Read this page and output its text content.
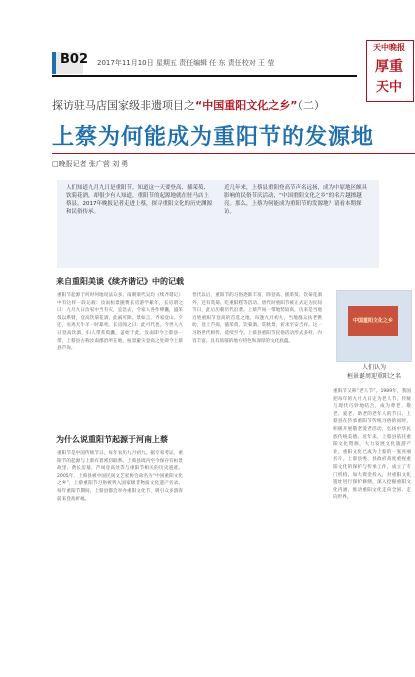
B02 2017年11月10日 星期五 责任编辑 任 东 责任校对 王 莹
天中晚报
厚重
天中
探访驻马店国家级非遗项目之“中国重阳文化之乡”（二）
上蔡为何能成为重阳节的发源地
□晚报记者 张广营 刘 勇
人们知道九月九日是重阳节，知道这一天要登高、插茱萸、饮菊花酒，却很少有人知道，重阳节的起源地就在驻马店上蔡县。2017年晚报记者走进上蔡，探寻重阳文化的历史渊源和民俗传承。
近几年来，上蔡县重阳登高节声名远扬，成为中原地区颇具影响的民俗节庆活动，“中国重阳文化之乡”的名片越擦越亮。那么，上蔡为何能成为重阳节的发源地？请看本期探访。
中国重阳文化之乡
人们认为
桓景诞周迎重阳之名
来自重阳美谈《续齐谐记》中的记载
重阳节起源于何时何地说法众多。南朝梁代吴均《续齐谐记》中有这样一段记载：汝南桓景随费长房游学累年，长房谓之曰：九月九日汝家中当有灾，宜急去，令家人各作绛囊，盛茱萸以系臂，登高饮菊花酒，此祸可除。景如言，齐家登山。夕还，见鸡犬牛羊一时暴死。长房闻之曰：此可代也。今世人九日登高饮酒，妇人带茱萸囊，盖始于此。汝南即今上蔡县一带，上蔡县古称汝南郡治所在地，桓景避灾登高之处即今上蔡县芦岗。
为什么说重阳节起源于河南上蔡
重阳节是中国传统节日，每年农历九月初九。据专家考证，重阳节的起源与上蔡有着密切联系。上蔡县境内至今保存有桓景故里、费长房墓、芦岗登高处等与重阳节相关的历史遗迹。2005年，上蔡县被中国民间文艺家协会命名为“中国重阳文化之乡”，上蔡重阳节习俗被列入国家级非物质文化遗产名录。每年重阳节期间，上蔡县都会举办重阳文化节，吸引众多游客前来登高祈福。
晋代以后，重阳节的习俗逐渐丰富，除登高、插茱萸、饮菊花酒外，还有赏菊、吃重阳糕等活动。唐代时重阳节被正式定为民间节日，此后历朝历代沿袭。上蔡芦岗一带地势较高，历来是当地百姓重阳节登高的首选之地。每逢九月初九，当地群众扶老携幼，登上芦岗，插茱萸、饮菊酒、赏秋景，祈求平安吉祥。这一习俗世代相传，延续至今。上蔡县重阳节民俗活动形式多样，内容丰富，具有浓郁的地方特色和深厚的文化底蕴。
重阳节又称“老人节”。1989年，我国把每年的九月九日定为老人节，传统与现代巧妙地结合，成为尊老、敬老、爱老、助老的老年人的节日。上蔡县在传承重阳节传统习俗的同时，积极开展敬老爱老活动，弘扬中华民族传统美德。近年来，上蔡县依托重阳文化资源，大力发展文化旅游产业，重阳文化已成为上蔡的一张亮丽名片。上蔡县委、县政府高度重视重阳文化的保护与传承工作，成立了专门机构，加大资金投入，对重阳文化遗址进行保护修缮，深入挖掘重阳文化内涵，推动重阳文化走向全国、走向世界。
